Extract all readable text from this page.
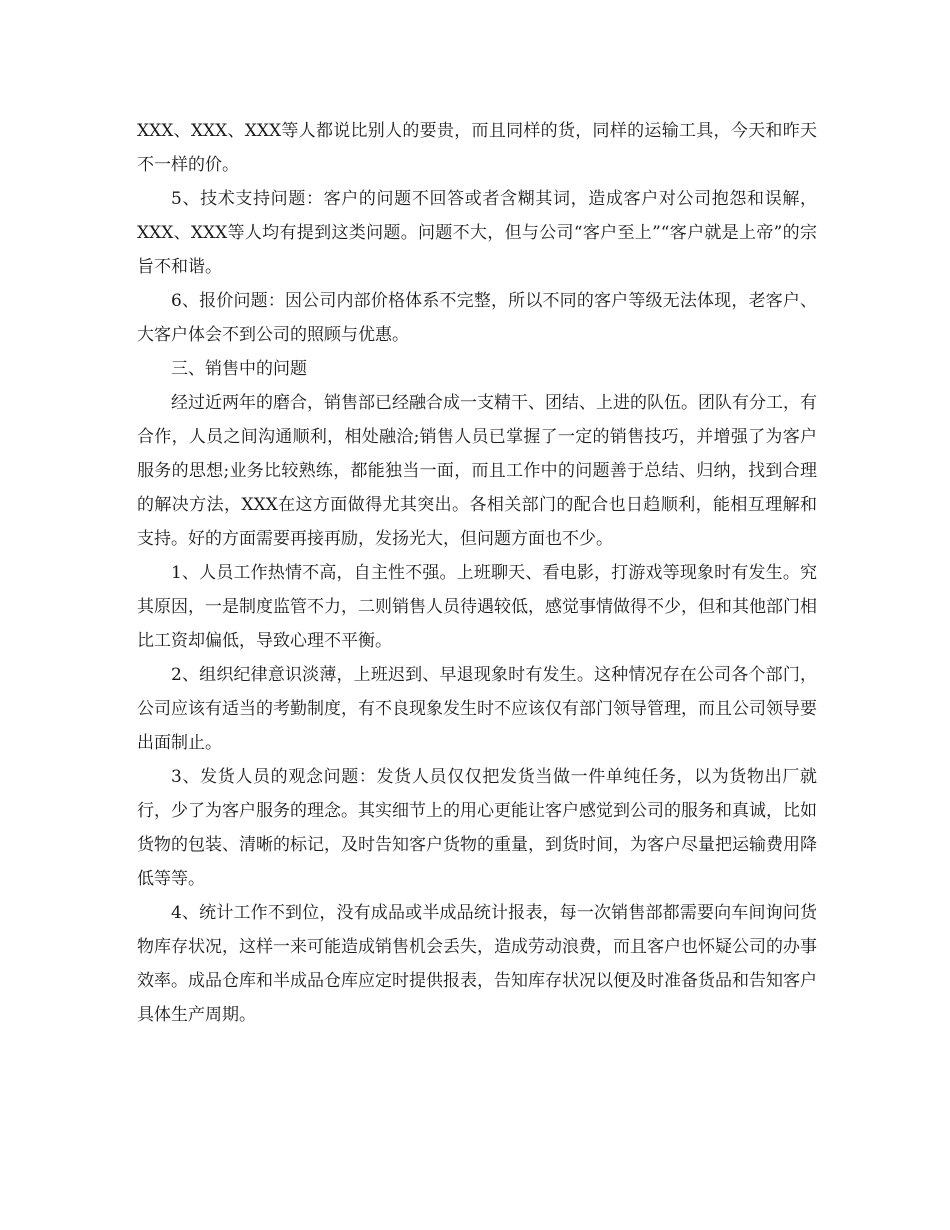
XXX、XXX、XXX等人都说比别人的要贵，而且同样的货，同样的运输工具，今天和昨天不一样的价。

5、技术支持问题：客户的问题不回答或者含糊其词，造成客户对公司抱怨和误解，XXX、XXX等人均有提到这类问题。问题不大，但与公司“客户至上”“客户就是上帝”的宗旨不和谐。

6、报价问题：因公司内部价格体系不完整，所以不同的客户等级无法体现，老客户、大客户体会不到公司的照顾与优惠。

三、销售中的问题

经过近两年的磨合，销售部已经融合成一支精干、团结、上进的队伍。团队有分工，有合作，人员之间沟通顺利，相处融洽;销售人员已掌握了一定的销售技巧，并增强了为客户服务的思想;业务比较熟练，都能独当一面，而且工作中的问题善于总结、归纳，找到合理的解决方法，XXX在这方面做得尤其突出。各相关部门的配合也日趋顺利，能相互理解和支持。好的方面需要再接再励，发扬光大，但问题方面也不少。

1、人员工作热情不高，自主性不强。上班聊天、看电影，打游戏等现象时有发生。究其原因，一是制度监管不力，二则销售人员待遇较低，感觉事情做得不少，但和其他部门相比工资却偏低，导致心理不平衡。

2、组织纪律意识淡薄，上班迟到、早退现象时有发生。这种情况存在公司各个部门，公司应该有适当的考勤制度，有不良现象发生时不应该仅有部门领导管理，而且公司领导要出面制止。

3、发货人员的观念问题：发货人员仅仅把发货当做一件单纯任务，以为货物出厂就行，少了为客户服务的理念。其实细节上的用心更能让客户感觉到公司的服务和真诚，比如货物的包装、清晰的标记，及时告知客户货物的重量，到货时间，为客户尽量把运输费用降低等等。

4、统计工作不到位，没有成品或半成品统计报表，每一次销售部都需要向车间询问货物库存状况，这样一来可能造成销售机会丢失，造成劳动浪费，而且客户也怀疑公司的办事效率。成品仓库和半成品仓库应定时提供报表，告知库存状况以便及时准备货品和告知客户具体生产周期。
